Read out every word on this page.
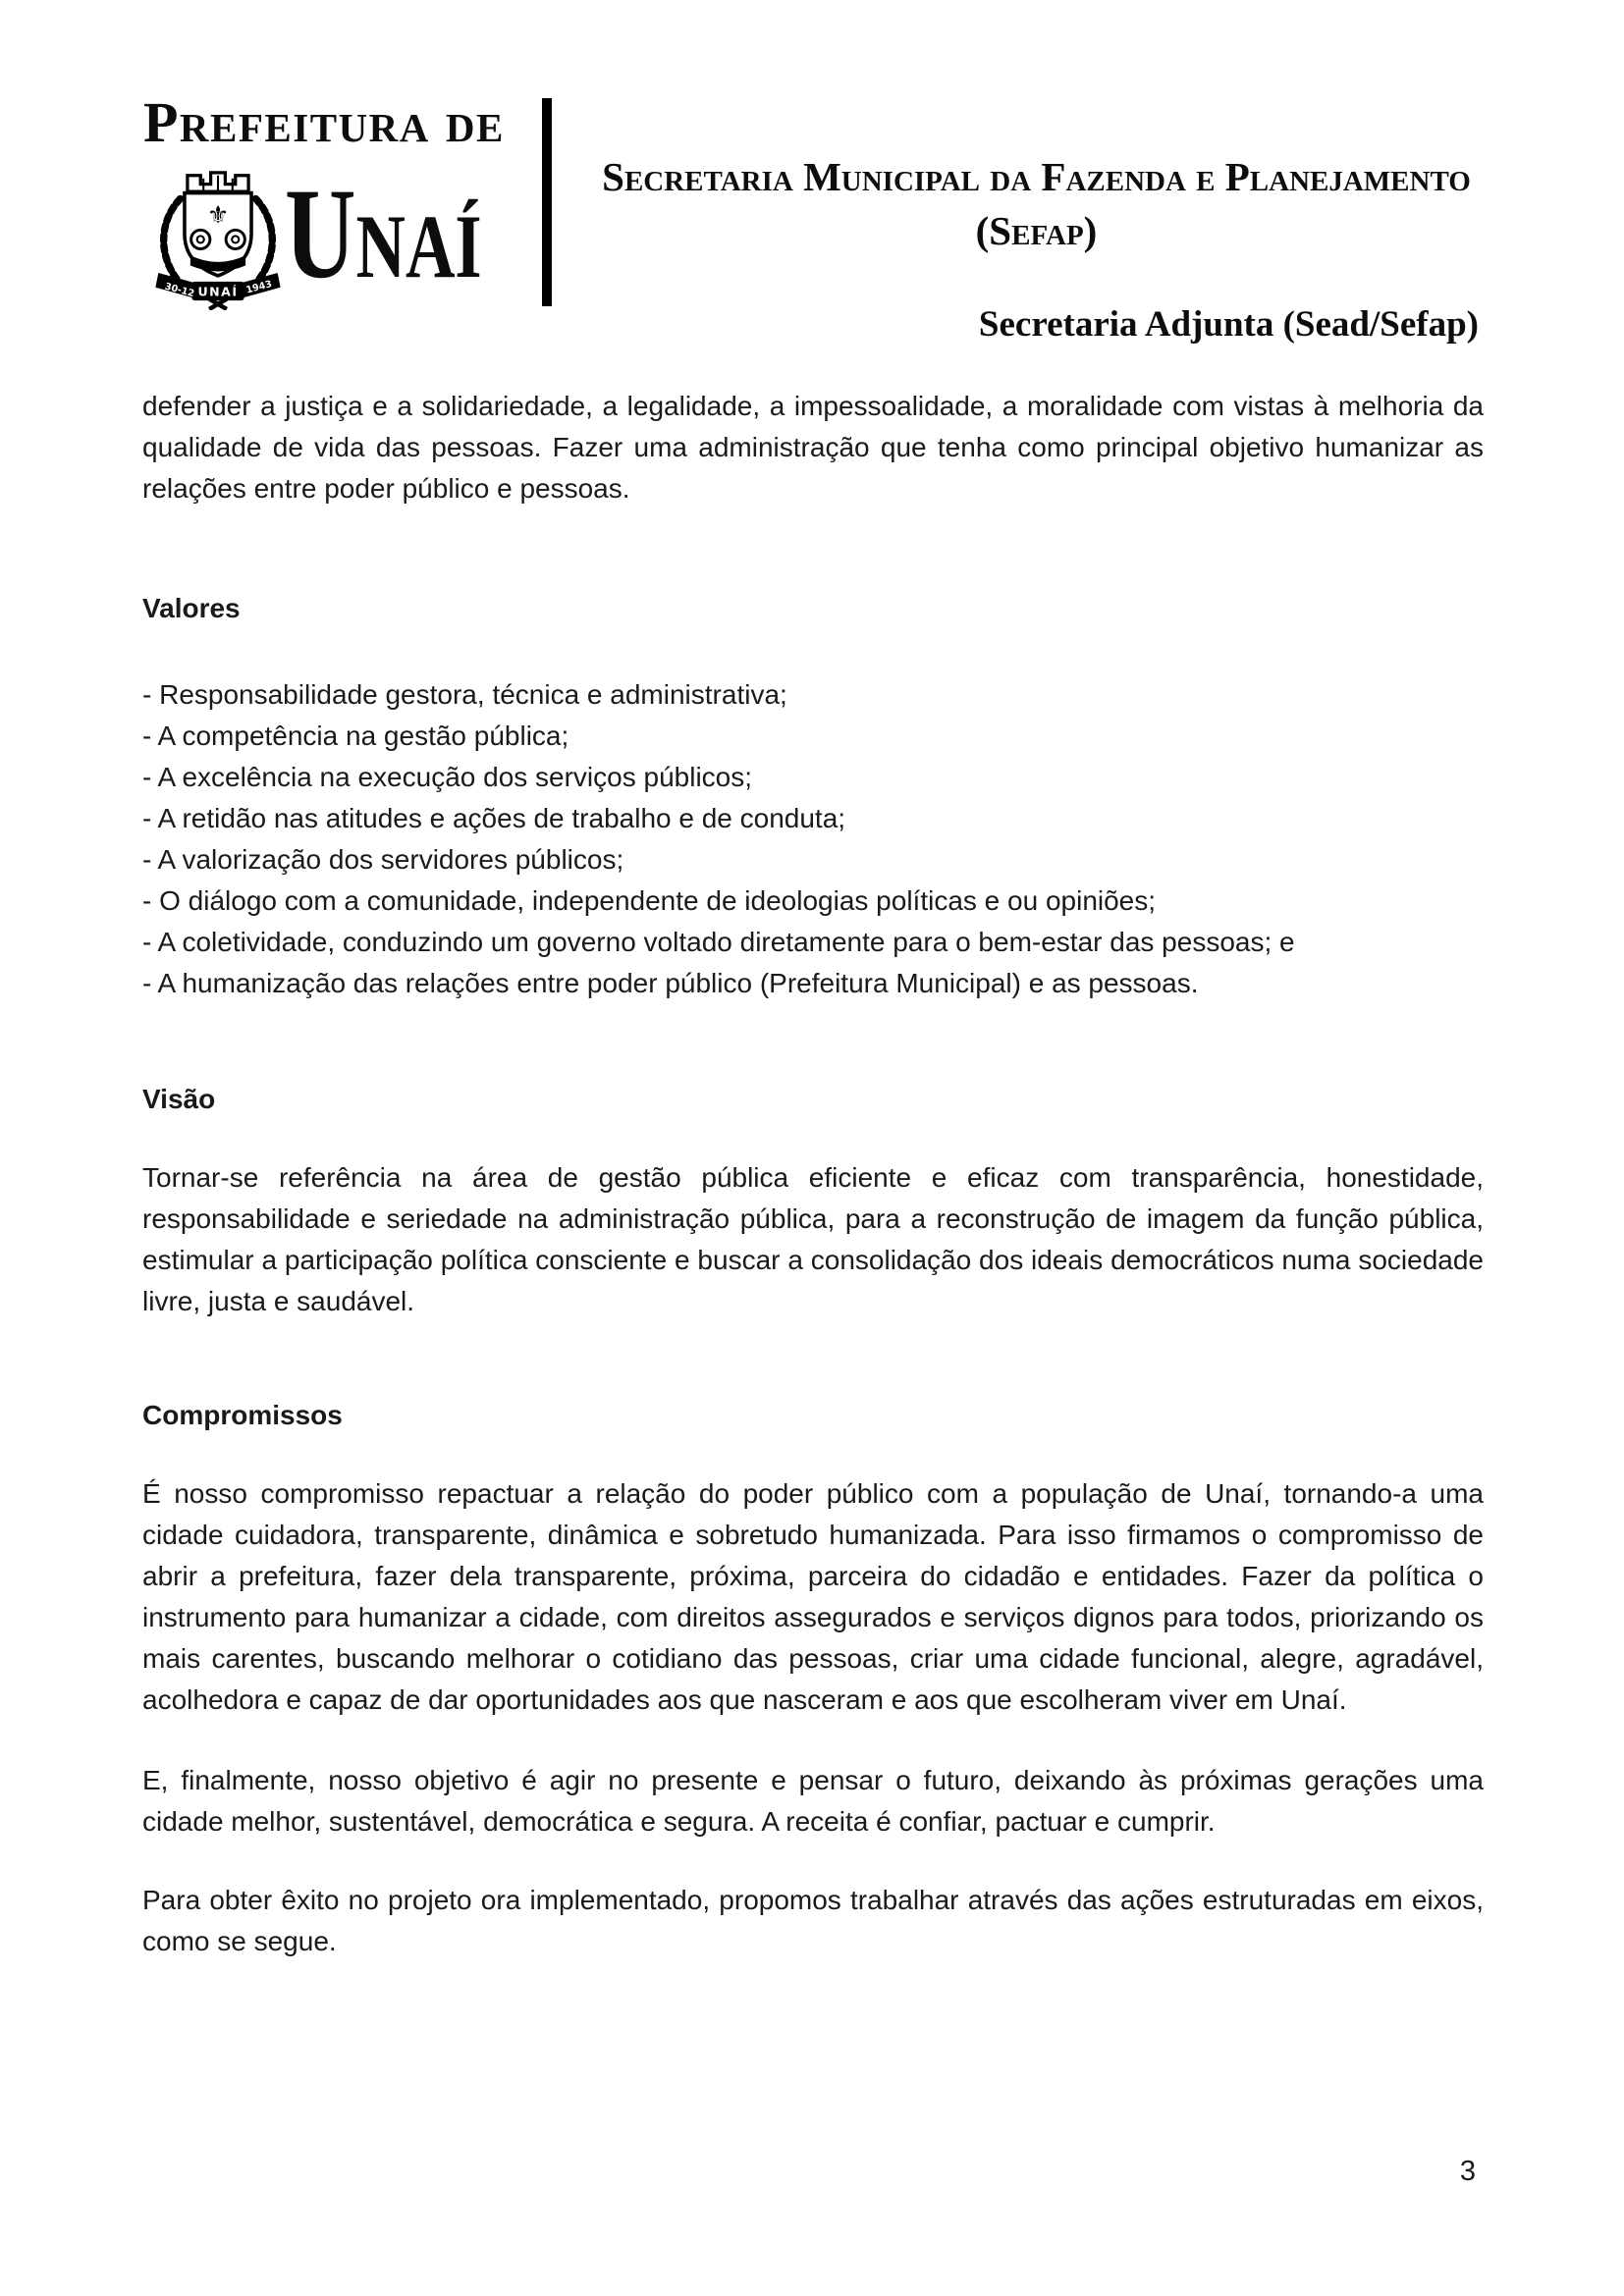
Prefeitura de
⚜
30-12 UNAÍ 1943 Unaí	Secretaria Municipal da Fazenda e Planejamento
(Sefap)
Secretaria Adjunta (Sead/Sefap)

defender a justiça e a solidariedade, a legalidade, a impessoalidade, a moralidade com vistas à melhoria da qualidade de vida das pessoas. Fazer uma administração que tenha como principal objetivo humanizar as relações entre poder público e pessoas.

Valores
- Responsabilidade gestora, técnica e administrativa;
- A competência na gestão pública;
- A excelência na execução dos serviços públicos;
- A retidão nas atitudes e ações de trabalho e de conduta;
- A valorização dos servidores públicos;
- O diálogo com a comunidade, independente de ideologias políticas e ou opiniões;
- A coletividade, conduzindo um governo voltado diretamente para o bem-estar das pessoas; e
- A humanização das relações entre poder público (Prefeitura Municipal) e as pessoas.
Visão

Tornar-se referência na área de gestão pública eficiente e eficaz com transparência, honestidade, responsabilidade e seriedade na administração pública, para a reconstrução de imagem da função pública, estimular a participação política consciente e buscar a consolidação dos ideais democráticos numa sociedade livre, justa e saudável.

Compromissos

É nosso compromisso repactuar a relação do poder público com a população de Unaí, tornando-a uma cidade cuidadora, transparente, dinâmica e sobretudo humanizada. Para isso firmamos o compromisso de abrir a prefeitura, fazer dela transparente, próxima, parceira do cidadão e entidades. Fazer da política o instrumento para humanizar a cidade, com direitos assegurados e serviços dignos para todos, priorizando os mais carentes, buscando melhorar o cotidiano das pessoas, criar uma cidade funcional, alegre, agradável, acolhedora e capaz de dar oportunidades aos que nasceram e aos que escolheram viver em Unaí.

E, finalmente, nosso objetivo é agir no presente e pensar o futuro, deixando às próximas gerações uma cidade melhor, sustentável, democrática e segura. A receita é confiar, pactuar e cumprir.

Para obter êxito no projeto ora implementado, propomos trabalhar através das ações estruturadas em eixos, como se segue.

3
